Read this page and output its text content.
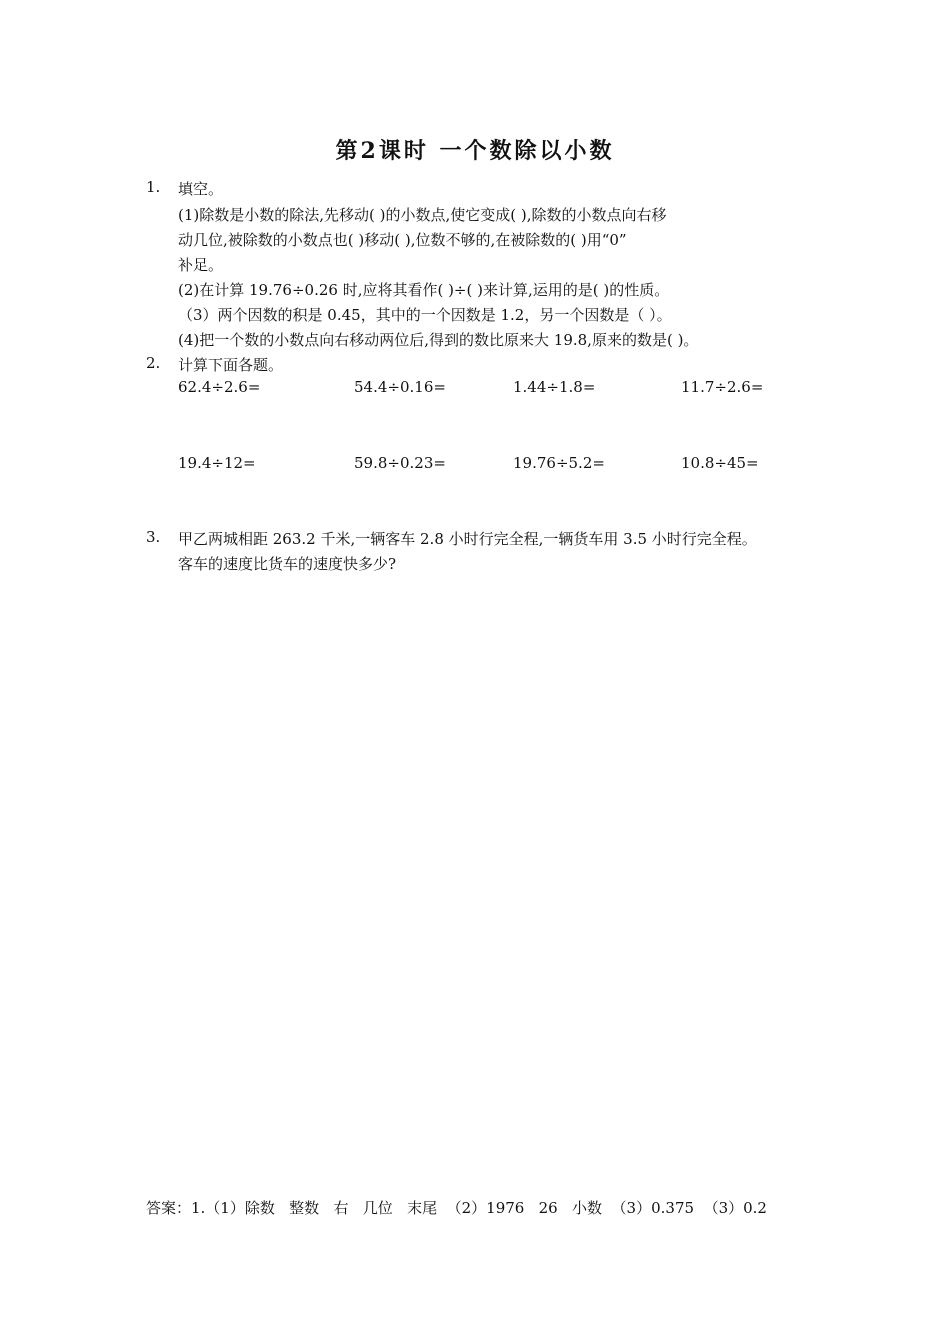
第2课时 一个数除以小数
1. 填空。
(1)除数是小数的除法,先移动( )的小数点,使它变成( ),除数的小数点向右移
动几位,被除数的小数点也( )移动( ),位数不够的,在被除数的( )用“0”
补足。
(2)在计算 19.76÷0.26 时,应将其看作( )÷( )来计算,运用的是( )的性质。
（3）两个因数的积是 0.45，其中的一个因数是 1.2，另一个因数是（ ）。
(4)把一个数的小数点向右移动两位后,得到的数比原来大 19.8,原来的数是( )。
2. 计算下面各题。
62.4÷2.6=	54.4÷0.16=	1.44÷1.8=	11.7÷2.6=
19.4÷12=	59.8÷0.23=	19.76÷5.2=	10.8÷45=
3. 甲乙两城相距 263.2 千米,一辆客车 2.8 小时行完全程,一辆货车用 3.5 小时行完全程。
客车的速度比货车的速度快多少?
答案：1.（1）除数   整数   右   几位   末尾  （2）1976   26   小数  （3）0.375  （3）0.2
